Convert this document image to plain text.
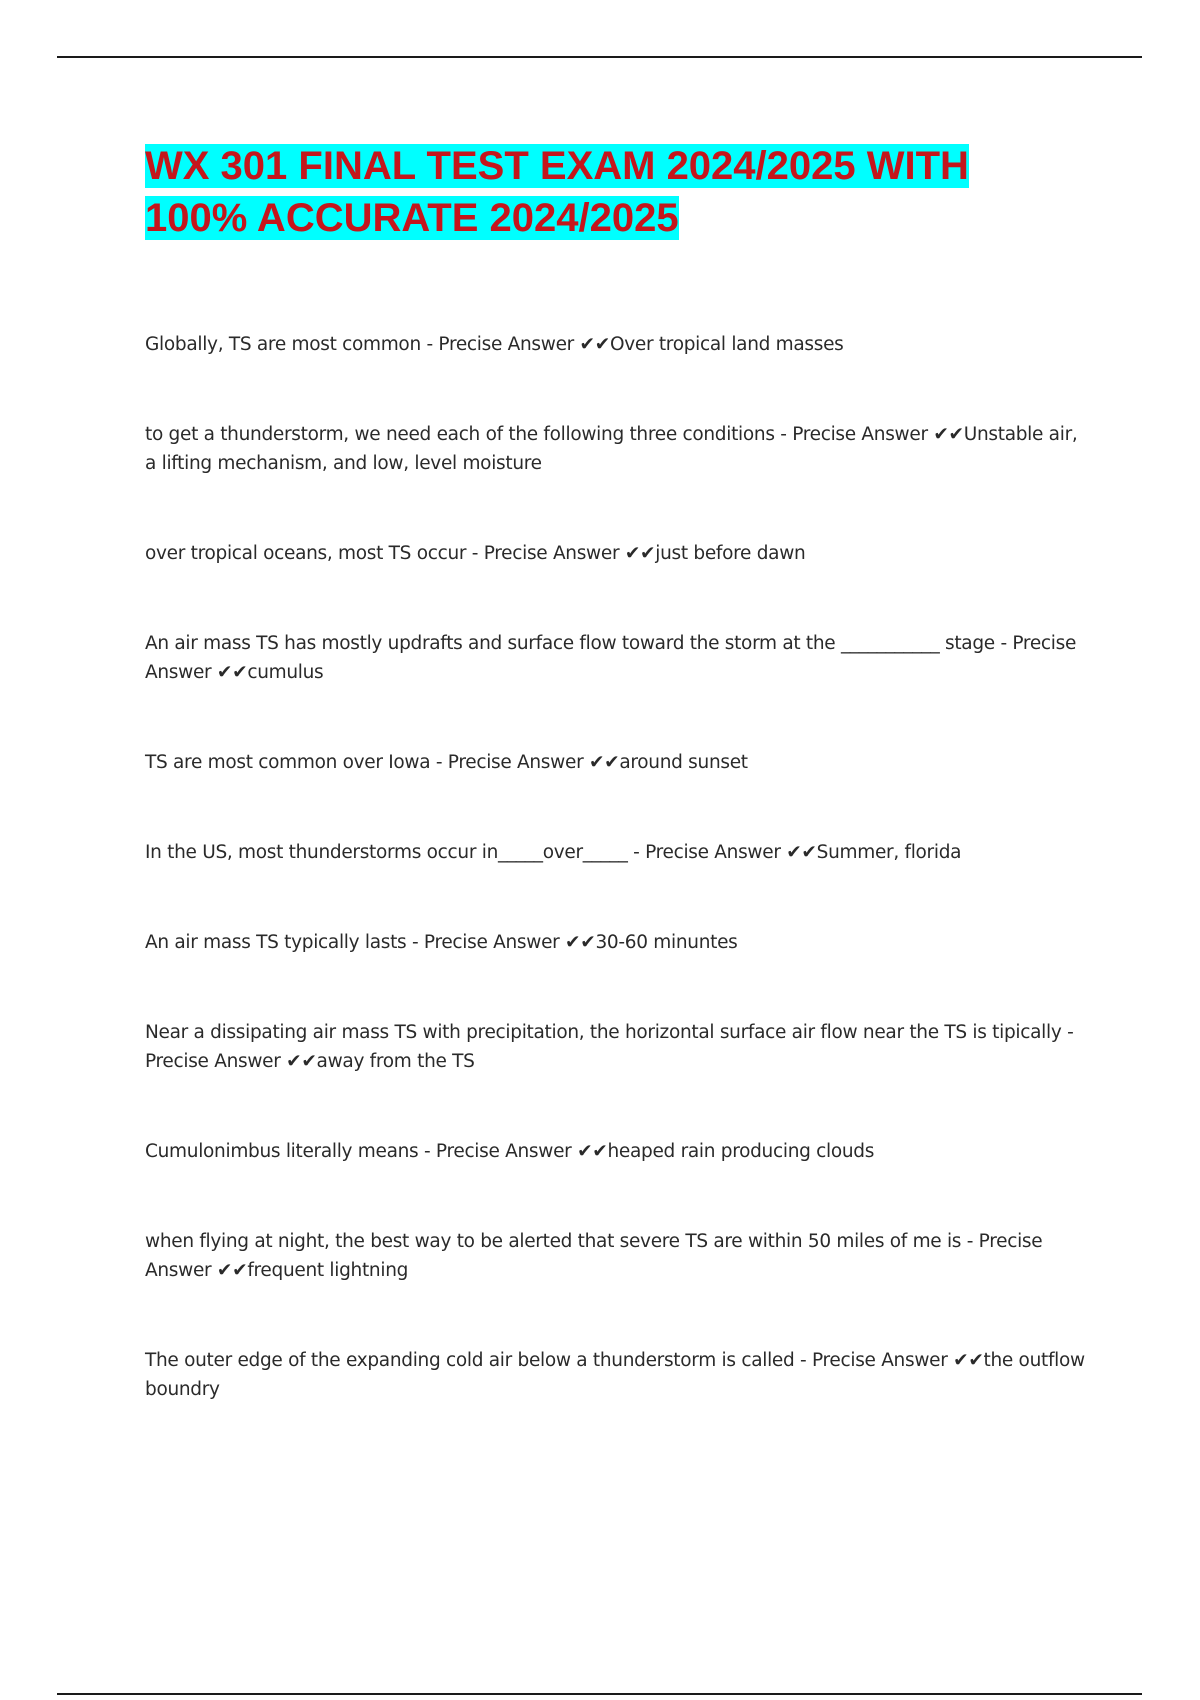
WX 301 FINAL TEST EXAM 2024/2025 WITH
100% ACCURATE 2024/2025
Globally, TS are most common - Precise Answer ✔✔Over tropical land masses
to get a thunderstorm, we need each of the following three conditions - Precise Answer ✔✔Unstable air, a lifting mechanism, and low, level moisture
over tropical oceans, most TS occur - Precise Answer ✔✔just before dawn
An air mass TS has mostly updrafts and surface flow toward the storm at the ___________ stage - Precise Answer ✔✔cumulus
TS are most common over Iowa - Precise Answer ✔✔around sunset
In the US, most thunderstorms occur in_____over_____ - Precise Answer ✔✔Summer, florida
An air mass TS typically lasts - Precise Answer ✔✔30-60 minuntes
Near a dissipating air mass TS with precipitation, the horizontal surface air flow near the TS is tipically - Precise Answer ✔✔away from the TS
Cumulonimbus literally means - Precise Answer ✔✔heaped rain producing clouds
when flying at night, the best way to be alerted that severe TS are within 50 miles of me is - Precise Answer ✔✔frequent lightning
The outer edge of the expanding cold air below a thunderstorm is called - Precise Answer ✔✔the outflow boundry
